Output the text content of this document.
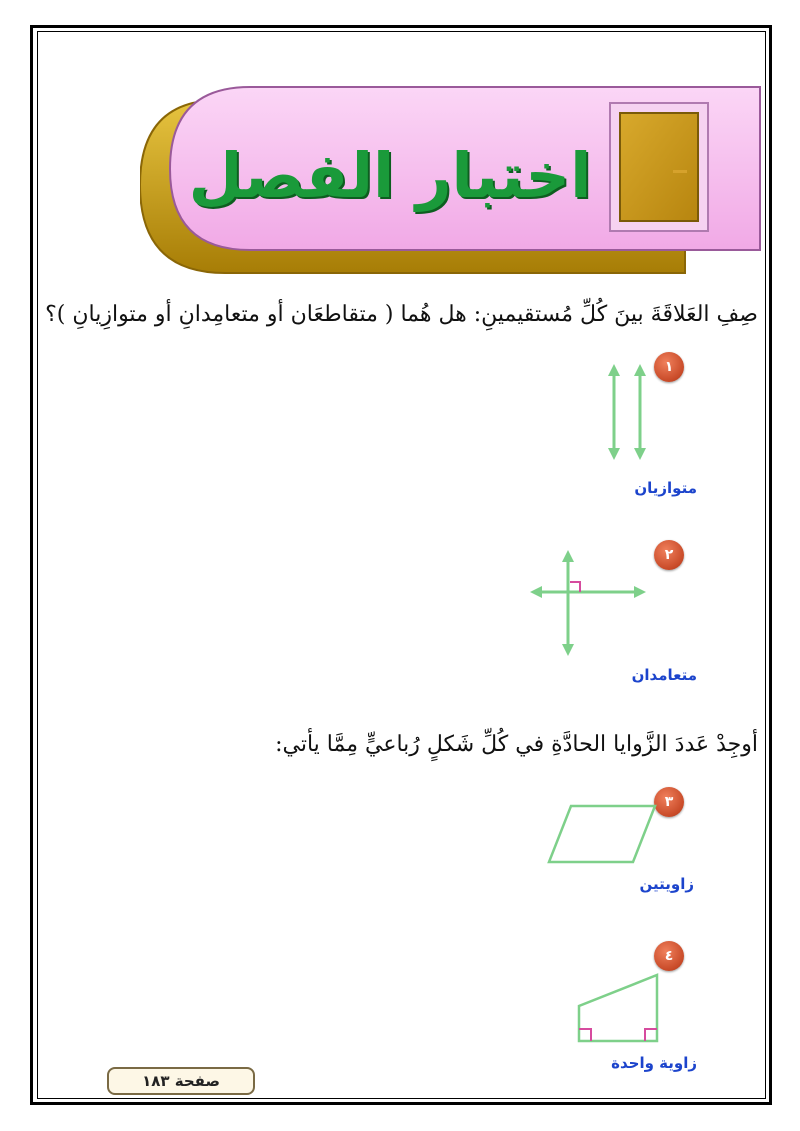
اختبار الفصل
صِفِ العَلاقَةَ بينَ كُلِّ مُستقيمينِ: هل هُما ( متقاطعَان أو متعامِدانِ أو متوازِيانِ )؟
١
متوازيان
٢
متعامدان
أوجِدْ عَددَ الزَّوايا الحادَّةِ في كُلِّ شَكلٍ رُباعيٍّ مِمَّا يأتي:
٣
زاويتين
٤
زاوية واحدة
صفحة ١٨٣
